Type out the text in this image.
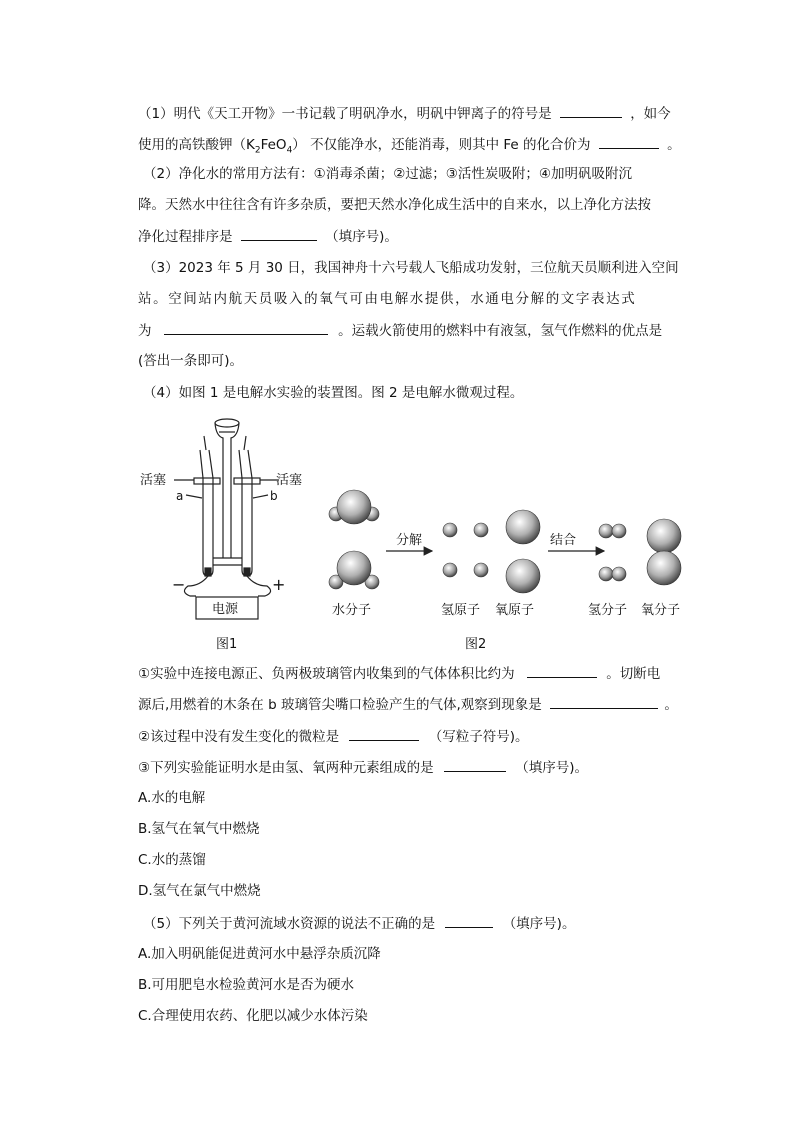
（1）明代《天工开物》一书记载了明矾净水，明矾中钾离子的符号是	，如今
使用的高铁酸钾$(K_2FeO_4)$ 不仅能净水，还能消毒，则其中 Fe 的化合价为	。
（2）净化水的常用方法有：①消毒杀菌；②过滤；③活性炭吸附；④加明矾吸附沉
降。天然水中往往含有许多杂质，要把天然水净化成生活中的自来水，以上净化方法按
净化过程排序是	（填序号)。
（3）2023 年 5 月 30 日，我国神舟十六号载人飞船成功发射，三位航天员顺利进入空间
站。空间站内航天员吸入的氧气可由电解水提供，水通电分解的文字表达式
为	。运载火箭使用的燃料中有液氢，氢气作燃料的优点是
(答出一条即可)。
（4）如图 1 是电解水实验的装置图。图 2 是电解水微观过程。
活塞	活塞
a	b
−	+
电源
图1
分解	结合
水分子	氢原子 氧原子	氢分子 氧分子
图2
①实验中连接电源正、负两极玻璃管内收集到的气体体积比约为	。切断电
源后,用燃着的木条在 b 玻璃管尖嘴口检验产生的气体,观察到现象是	。
②该过程中没有发生变化的微粒是	（写粒子符号)。
③下列实验能证明水是由氢、氧两种元素组成的是	（填序号)。
A.水的电解
B.氢气在氧气中燃烧
C.水的蒸馏
D.氢气在氯气中燃烧
（5）下列关于黄河流域水资源的说法不正确的是	（填序号)。
A.加入明矾能促进黄河水中悬浮杂质沉降
B.可用肥皂水检验黄河水是否为硬水
C.合理使用农药、化肥以减少水体污染
